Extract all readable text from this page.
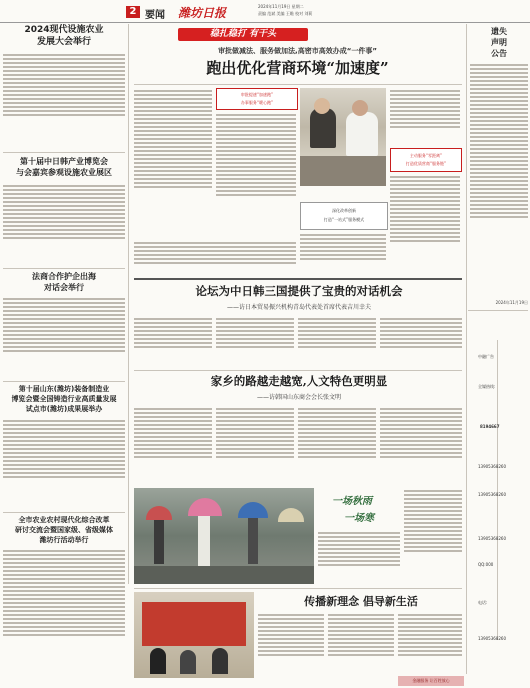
2 要闻 潍坊日报	2024年11月19日 星期二
责编 范斌 美编 王瞻 校对 刘莉
2024现代设施农业
发展大会举行
第十届中日韩产业博览会
与会嘉宾参观设施农业展区
法商合作护企出海
对话会举行
第十届山东(潍坊)装备制造业
博览会暨全国铸造行业高质量发展
试点市(潍坊)成果展举办
全市农业农村现代化综合改革
研讨交流会暨国家级、省级媒体
潍坊行活动举行
稳扎稳打 有干头
审批做减法、服务做加法,高密市高效办成“一件事”
跑出优化营商环境“加速度”
审批提速“加速跑”
办事服务“暖心跑”
主动服务“零距离”
打造优质营商“服务链”
深化改革创新
打造“一站式”服务模式
遗失
声明
公告
2024年11月19日
中融广告
全媒热线:
8194667
13905368260
13905368260
13905368260
QQ:000
电话:
13905368260
论坛为中日韩三国提供了宝贵的对话机会
——访日本贸易振兴机构青岛代表处首席代表吉川幸夫
家乡的路越走越宽,人文特色更明显
——访韩国山东商会会长张文明
一场秋雨
一场寒
传播新理念 倡导新生活
金融服务 让百姓放心
